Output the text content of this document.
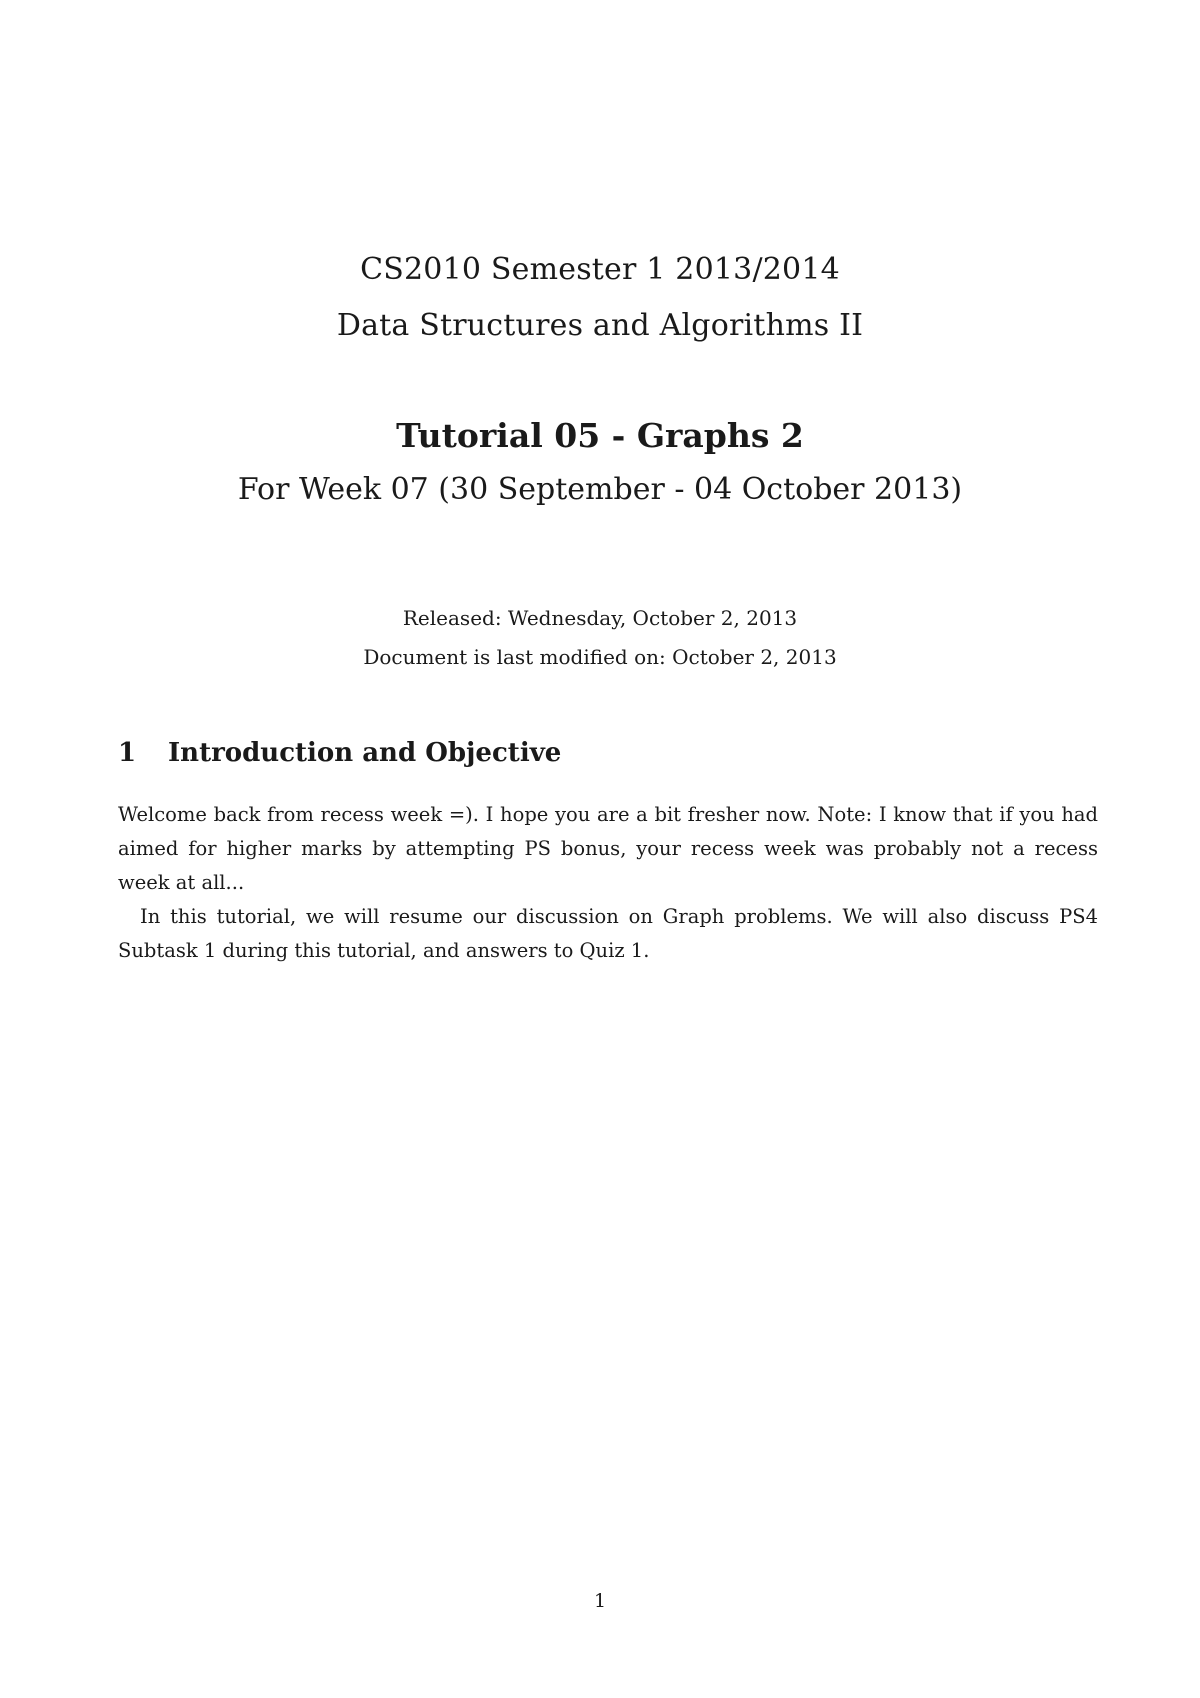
CS2010 Semester 1 2013/2014
Data Structures and Algorithms II
Tutorial 05 - Graphs 2
For Week 07 (30 September - 04 October 2013)
Released: Wednesday, October 2, 2013
Document is last modified on: October 2, 2013
1 Introduction and Objective
Welcome back from recess week =). I hope you are a bit fresher now. Note: I know that if you had aimed for higher marks by attempting PS bonus, your recess week was probably not a recess week at all...
In this tutorial, we will resume our discussion on Graph problems. We will also discuss PS4 Subtask 1 during this tutorial, and answers to Quiz 1.
1
